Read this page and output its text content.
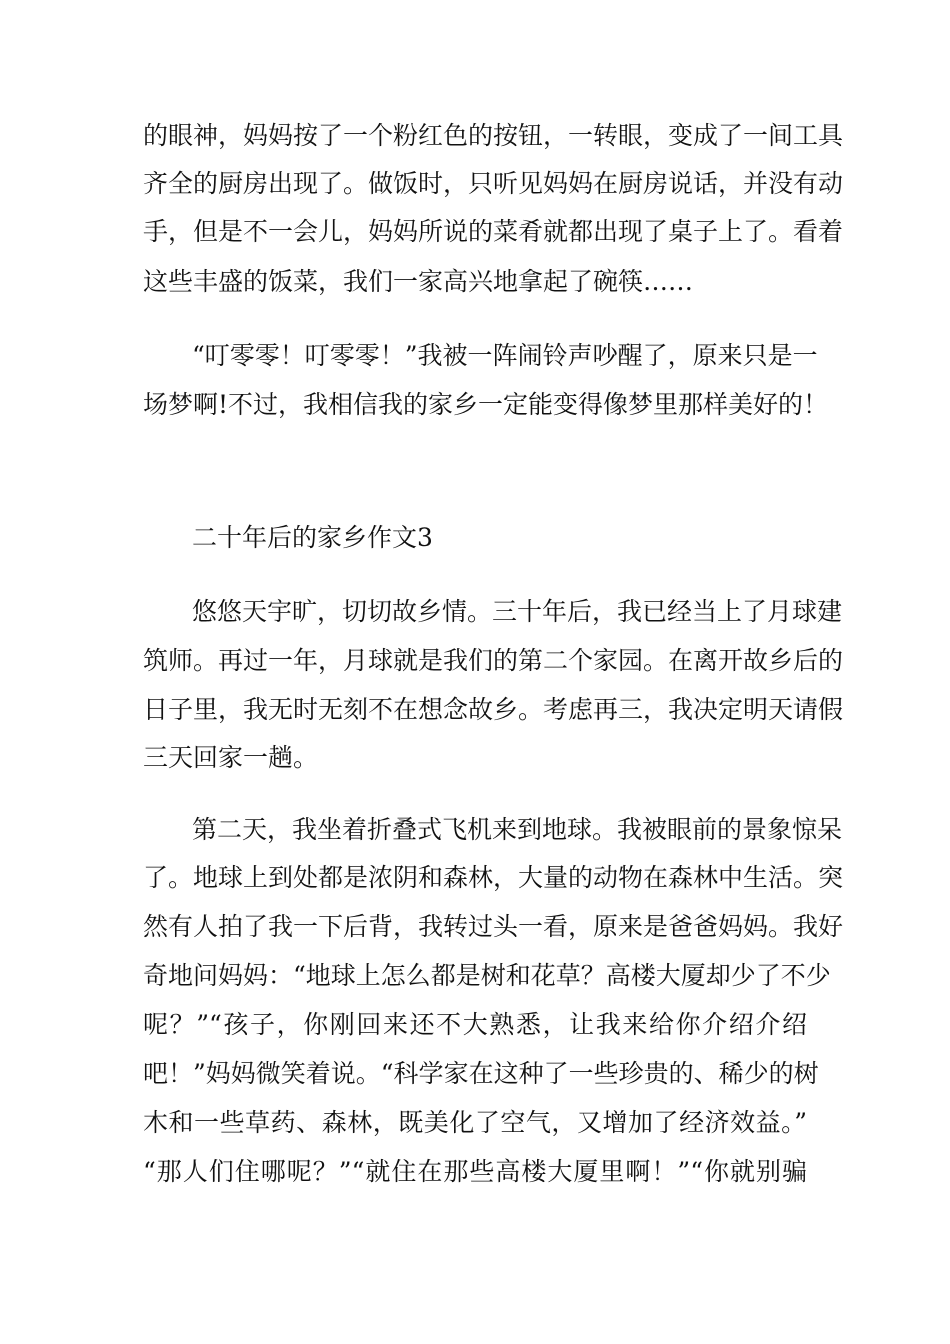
的眼神，妈妈按了一个粉红色的按钮，一转眼，变成了一间工具
齐全的厨房出现了。做饭时，只听见妈妈在厨房说话，并没有动
手，但是不一会儿，妈妈所说的菜肴就都出现了桌子上了。看着
这些丰盛的饭菜，我们一家高兴地拿起了碗筷……
“叮零零！叮零零！”我被一阵闹铃声吵醒了，原来只是一
场梦啊!不过，我相信我的家乡一定能变得像梦里那样美好的！
二十年后的家乡作文3
悠悠天宇旷，切切故乡情。三十年后，我已经当上了月球建
筑师。再过一年，月球就是我们的第二个家园。在离开故乡后的
日子里，我无时无刻不在想念故乡。考虑再三，我决定明天请假
三天回家一趟。
第二天，我坐着折叠式飞机来到地球。我被眼前的景象惊呆
了。地球上到处都是浓阴和森林，大量的动物在森林中生活。突
然有人拍了我一下后背，我转过头一看，原来是爸爸妈妈。我好
奇地问妈妈：“地球上怎么都是树和花草？高楼大厦却少了不少
呢？”“孩子，你刚回来还不大熟悉，让我来给你介绍介绍
吧！”妈妈微笑着说。“科学家在这种了一些珍贵的、稀少的树
木和一些草药、森林，既美化了空气，又增加了经济效益。”
“那人们住哪呢？”“就住在那些高楼大厦里啊！”“你就别骗
